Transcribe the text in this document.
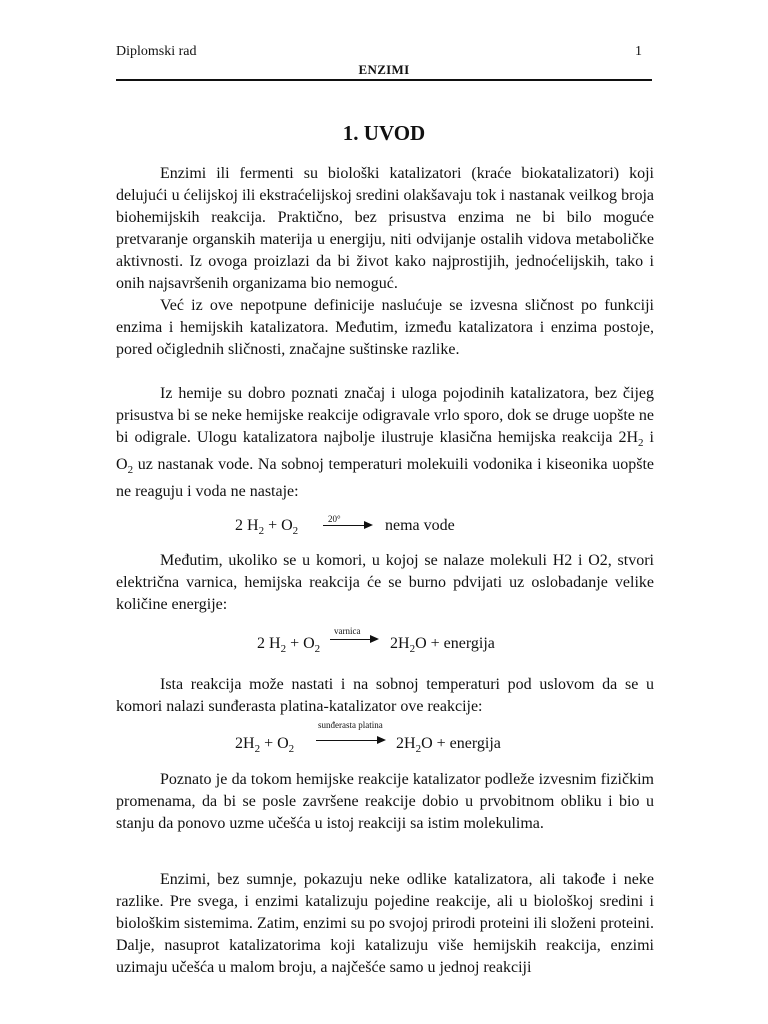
Diplomski rad	1
ENZIMI
1. UVOD

Enzimi ili fermenti su biološki katalizatori (kraće biokatalizatori) koji delujući u ćelijskoj ili ekstraćelijskoj sredini olakšavaju tok i nastanak veilkog broja biohemijskih reakcija. Praktično, bez prisustva enzima ne bi bilo moguće pretvaranje organskih materija u energiju, niti odvijanje ostalih vidova metaboličke aktivnosti. Iz ovoga proizlazi da bi život kako najprostijih, jednoćelijskih, tako i onih najsavršenih organizama bio nemoguć.

Već iz ove nepotpune definicije naslućuje se izvesna sličnost po funkciji enzima i hemijskih katalizatora. Međutim, između katalizatora i enzima postoje, pored očiglednih sličnosti, značajne suštinske razlike.

Iz hemije su dobro poznati značaj i uloga pojodinih katalizatora, bez čijeg prisustva bi se neke hemijske reakcije odigravale vrlo sporo, dok se druge uopšte ne bi odigrale. Ulogu katalizatora najbolje ilustruje klasična hemijska reakcija $2H_2$ i $O_2$ uz nastanak vode. Na sobnoj temperaturi molekuili vodonika i kiseonika uopšte ne reaguju i voda ne nastaje:

2 $H_2 + O_2$
20° → nema vode

Međutim, ukoliko se u komori, u kojoj se nalaze molekuli H2 i O2, stvori električna varnica, hemijska reakcija će se burno pdvijati uz oslobadanje velike količine energije:

2 $H_2 + O_2$
varnica
→ $2H_2O$ + energija

Ista reakcija može nastati i na sobnoj temperaturi pod uslovom da se u komori nalazi sunđerasta platina-katalizator ove reakcije:

$2H_2 + O_2$
sunđerasta platina
$2H_2O$ + energija

Poznato je da tokom hemijske reakcije katalizator podleže izvesnim fizičkim promenama, da bi se posle završene reakcije dobio u prvobitnom obliku i bio u stanju da ponovo uzme učešća u istoj reakciji sa istim molekulima.

Enzimi, bez sumnje, pokazuju neke odlike katalizatora, ali takođe i neke razlike. Pre svega, i enzimi katalizuju pojedine reakcije, ali u biološkoj sredini i biološkim sistemima. Zatim, enzimi su po svojoj prirodi proteini ili složeni proteini. Dalje, nasuprot katalizatorima koji katalizuju više hemijskih reakcija, enzimi uzimaju učešća u malom broju, a najčešće samo u jednoj reakciji
